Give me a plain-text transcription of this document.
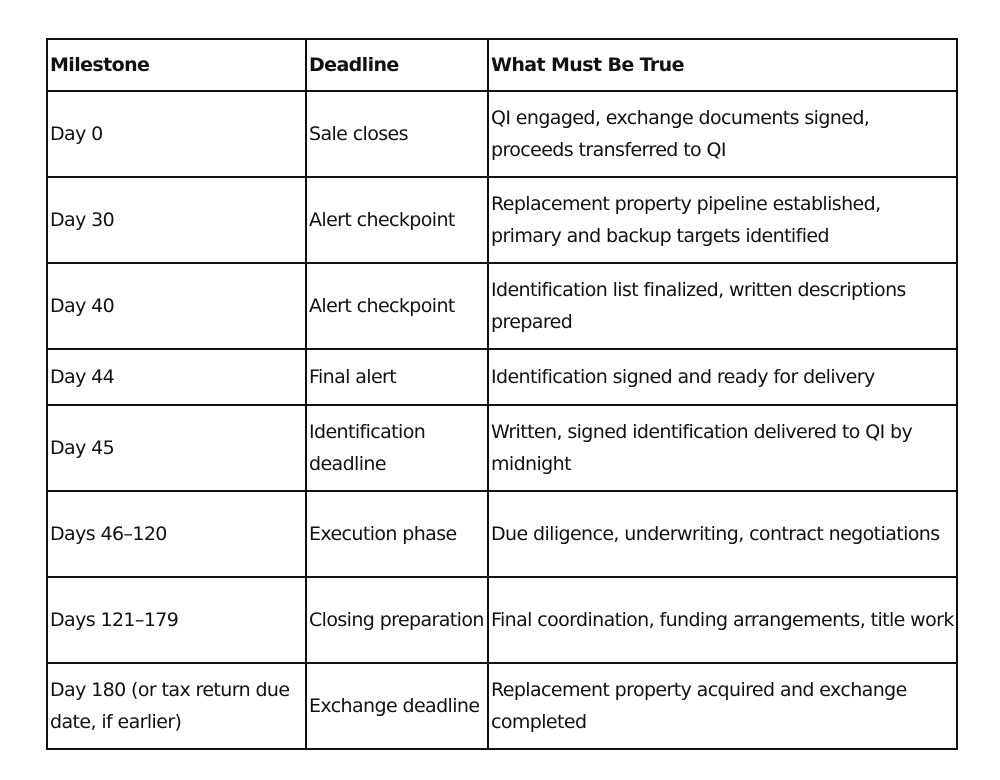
Milestone	Deadline	What Must Be True
Day 0	Sale closes	QI engaged, exchange documents signed, proceeds transferred to QI
Day 30	Alert checkpoint	Replacement property pipeline established, primary and backup targets identified
Day 40	Alert checkpoint	Identification list finalized, written descriptions prepared
Day 44	Final alert	Identification signed and ready for delivery
Day 45	Identification deadline	Written, signed identification delivered to QI by midnight
Days 46–120	Execution phase	Due diligence, underwriting, contract negotiations
Days 121–179	Closing preparation	Final coordination, funding arrangements, title work
Day 180 (or tax return due date, if earlier)	Exchange deadline	Replacement property acquired and exchange completed
